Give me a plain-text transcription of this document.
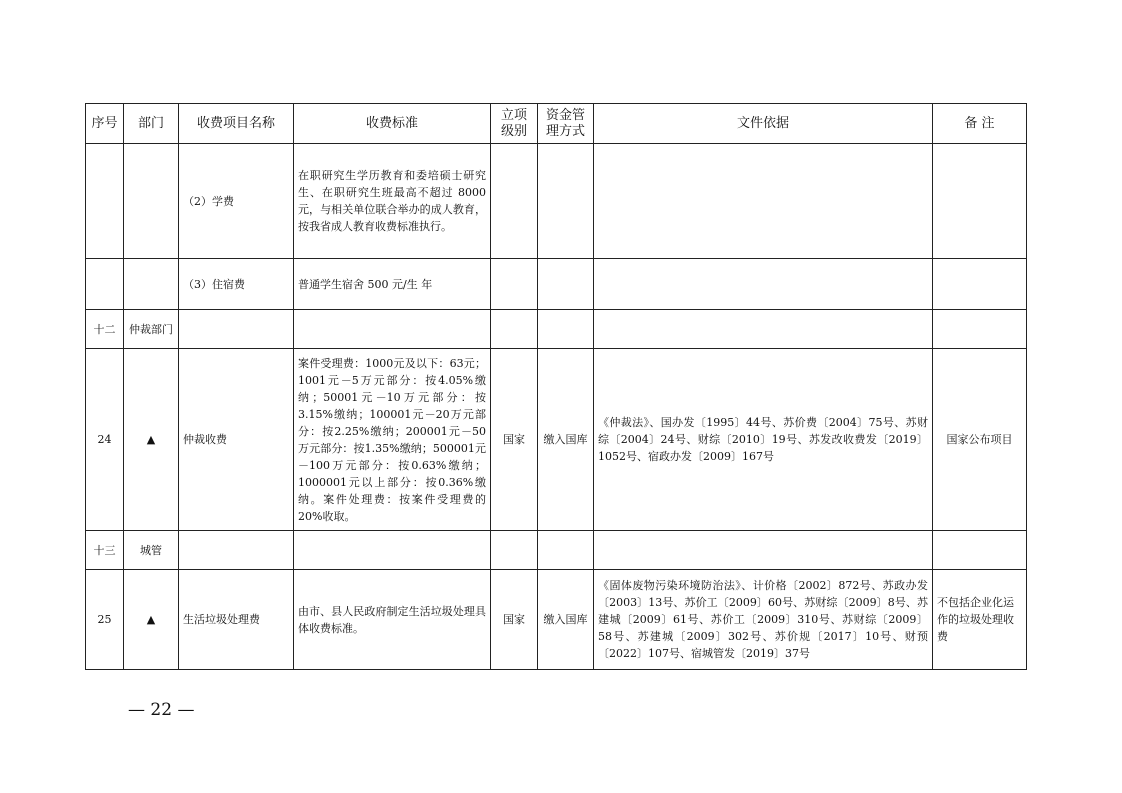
序号	部门	收费项目名称	收费标准	立项级别	资金管理方式	文件依据	备 注
		（2）学费	在职研究生学历教育和委培硕士研究生、在职研究生班最高不超过 8000 元，与相关单位联合举办的成人教育，按我省成人教育收费标准执行。				
		（3）住宿费	普通学生宿舍 500 元/生 年				
十二	仲裁部门						
24	▲	仲裁收费	案件受理费：1000元及以下：63元；1001元－5万元部分：按4.05%缴纳；50001元－10万元部分：按3.15%缴纳；100001元－20万元部分：按2.25%缴纳；200001元－50万元部分：按1.35%缴纳；500001元－100万元部分：按0.63%缴纳；1000001元以上部分：按0.36%缴纳。案件处理费：按案件受理费的20%收取。	国家	缴入国库	《仲裁法》、国办发〔1995〕44号、苏价费〔2004〕75号、苏财综〔2004〕24号、财综〔2010〕19号、苏发改收费发〔2019〕1052号、宿政办发〔2009〕167号	国家公布项目
十三	城管						
25	▲	生活垃圾处理费	由市、县人民政府制定生活垃圾处理具体收费标准。	国家	缴入国库	《固体废物污染环境防治法》、计价格〔2002〕872号、苏政办发〔2003〕13号、苏价工〔2009〕60号、苏财综〔2009〕8号、苏建城〔2009〕61号、苏价工〔2009〕310号、苏财综〔2009〕58号、苏建城〔2009〕302号、苏价规〔2017〕10号、财预〔2022〕107号、宿城管发〔2019〕37号	不包括企业化运作的垃圾处理收费
— 22 —
